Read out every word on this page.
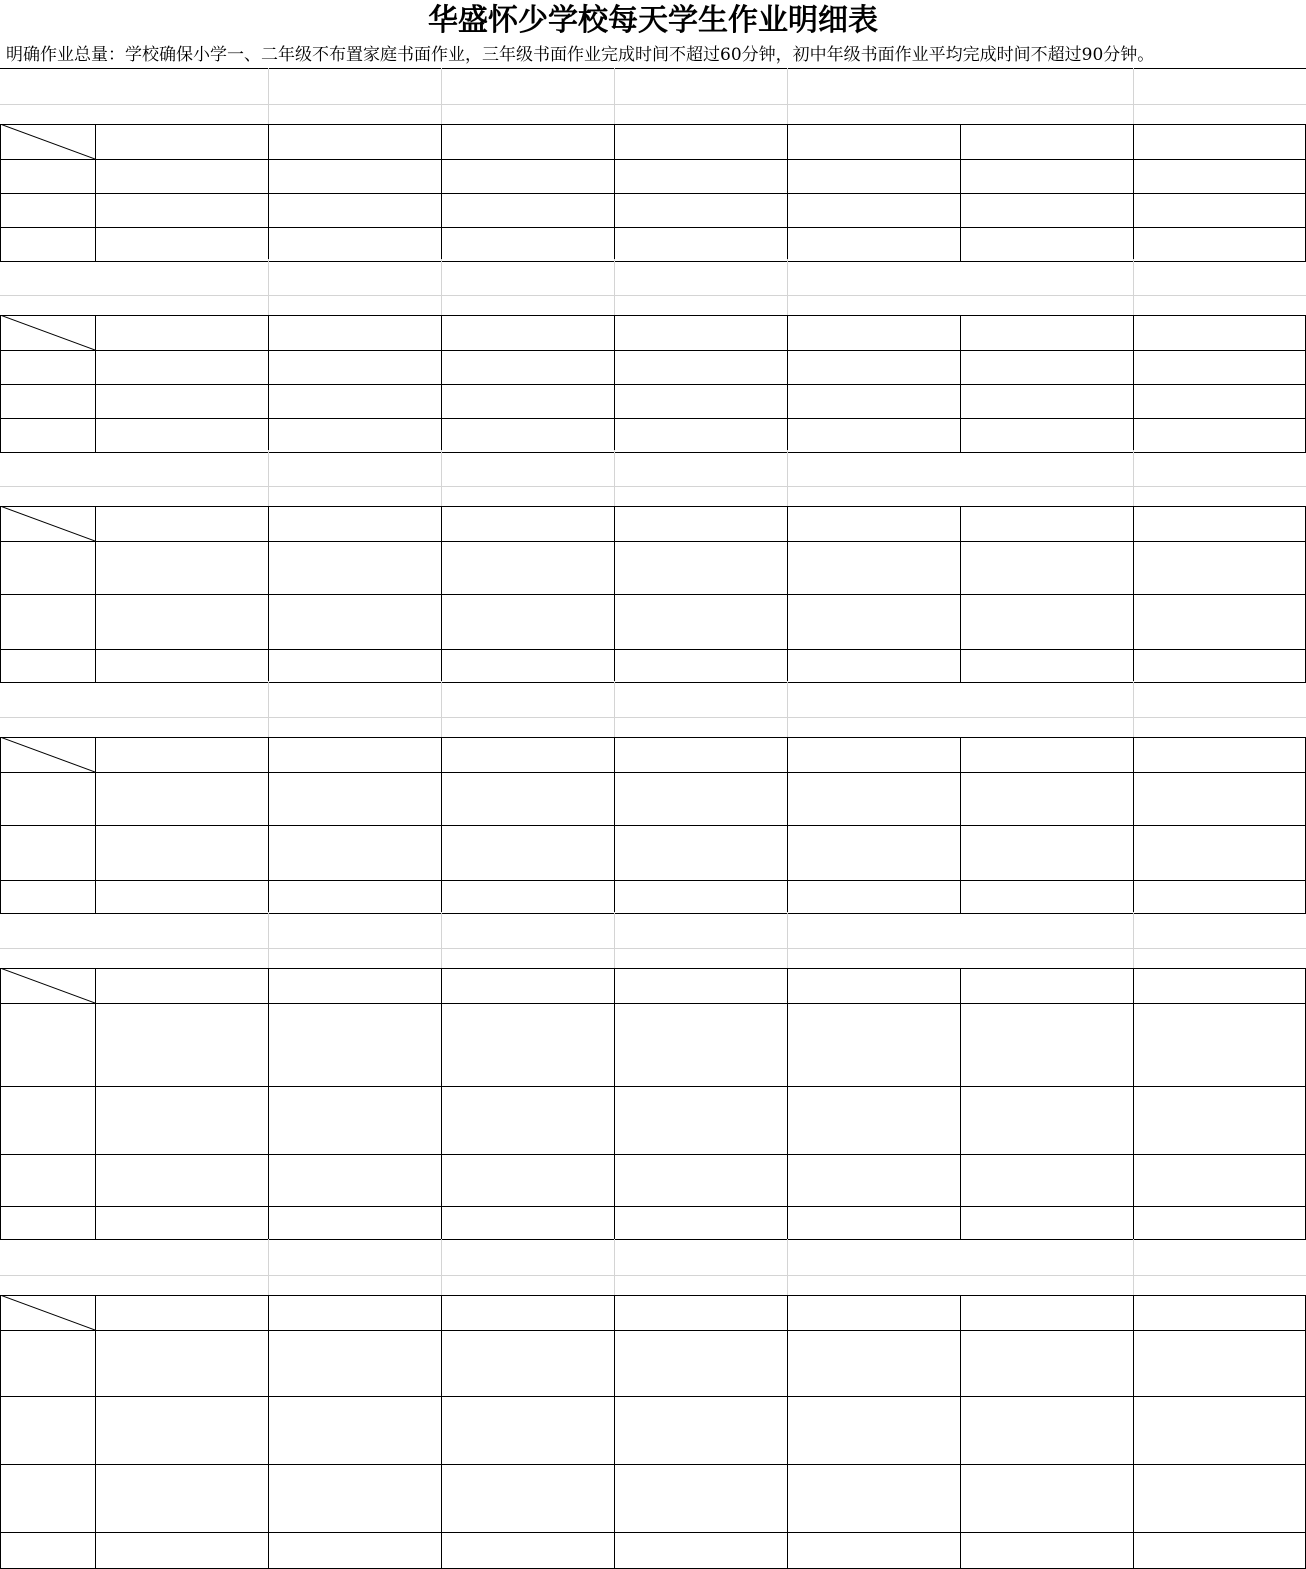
华盛怀少学校每天学生作业明细表
明确作业总量：学校确保小学一、二年级不布置家庭书面作业，三年级书面作业完成时间不超过60分钟，初中年级书面作业平均完成时间不超过90分钟。
